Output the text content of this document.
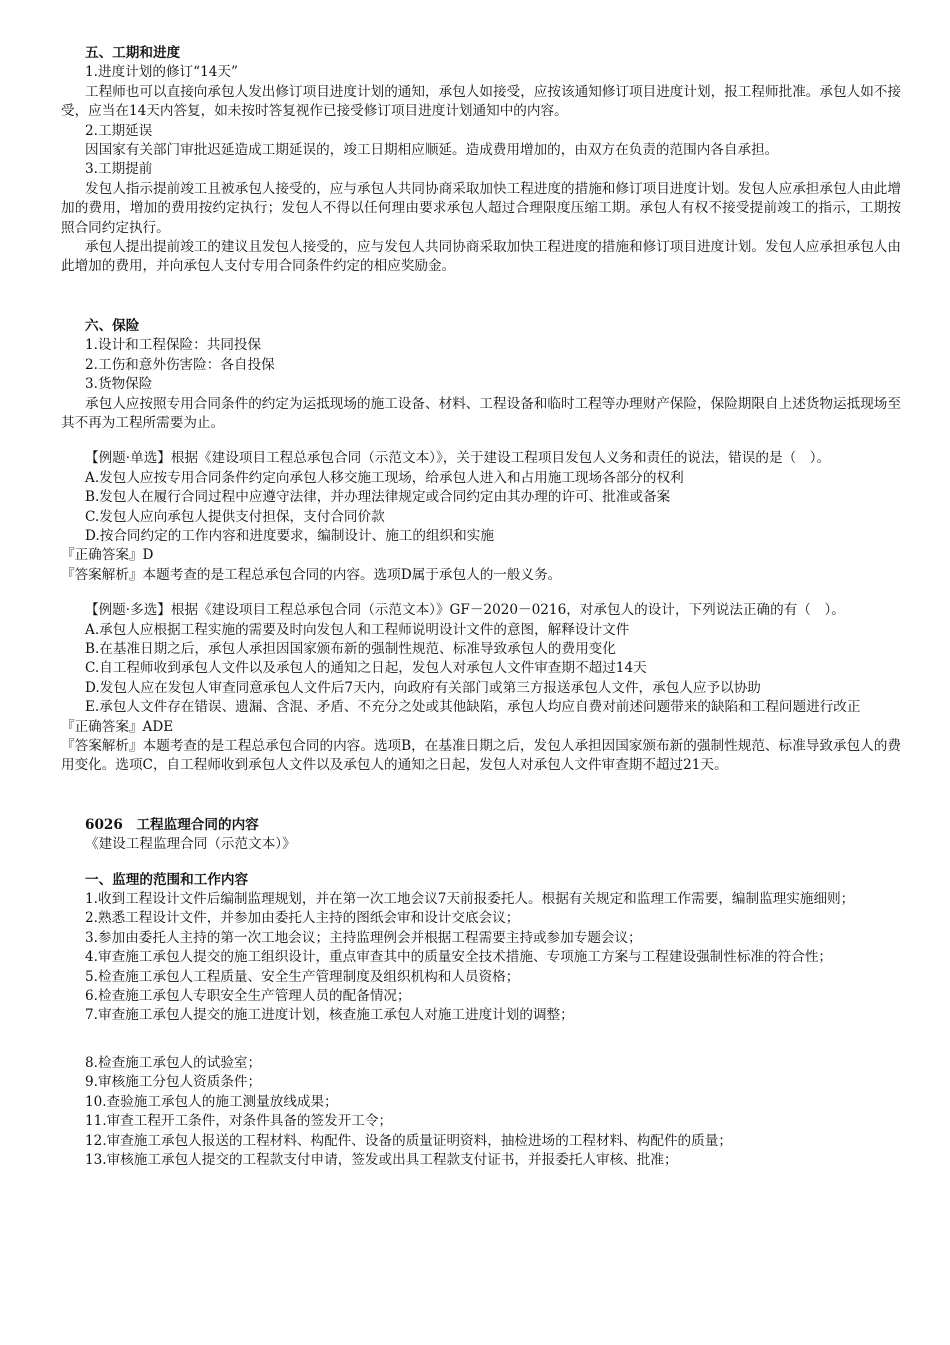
五、工期和进度
1.进度计划的修订“14天”
工程师也可以直接向承包人发出修订项目进度计划的通知，承包人如接受，应按该通知修订项目进度计划，报工程师批准。承包人如不接受，应当在14天内答复，如未按时答复视作已接受修订项目进度计划通知中的内容。
2.工期延误
因国家有关部门审批迟延造成工期延误的，竣工日期相应顺延。造成费用增加的，由双方在负责的范围内各自承担。
3.工期提前
发包人指示提前竣工且被承包人接受的，应与承包人共同协商采取加快工程进度的措施和修订项目进度计划。发包人应承担承包人由此增加的费用，增加的费用按约定执行；发包人不得以任何理由要求承包人超过合理限度压缩工期。承包人有权不接受提前竣工的指示，工期按照合同约定执行。
承包人提出提前竣工的建议且发包人接受的，应与发包人共同协商采取加快工程进度的措施和修订项目进度计划。发包人应承担承包人由此增加的费用，并向承包人支付专用合同条件约定的相应奖励金。
六、保险
1.设计和工程保险：共同投保
2.工伤和意外伤害险：各自投保
3.货物保险
承包人应按照专用合同条件的约定为运抵现场的施工设备、材料、工程设备和临时工程等办理财产保险，保险期限自上述货物运抵现场至其不再为工程所需要为止。
【例题·单选】根据《建设项目工程总承包合同（示范文本）》，关于建设工程项目发包人义务和责任的说法，错误的是（　）。
A.发包人应按专用合同条件约定向承包人移交施工现场，给承包人进入和占用施工现场各部分的权利
B.发包人在履行合同过程中应遵守法律，并办理法律规定或合同约定由其办理的许可、批准或备案
C.发包人应向承包人提供支付担保，支付合同价款
D.按合同约定的工作内容和进度要求，编制设计、施工的组织和实施
『正确答案』D
『答案解析』本题考查的是工程总承包合同的内容。选项D属于承包人的一般义务。
【例题·多选】根据《建设项目工程总承包合同（示范文本）》GF－2020－0216，对承包人的设计，下列说法正确的有（　）。
A.承包人应根据工程实施的需要及时向发包人和工程师说明设计文件的意图，解释设计文件
B.在基准日期之后，承包人承担因国家颁布新的强制性规范、标准导致承包人的费用变化
C.自工程师收到承包人文件以及承包人的通知之日起，发包人对承包人文件审查期不超过14天
D.发包人应在发包人审查同意承包人文件后7天内，向政府有关部门或第三方报送承包人文件，承包人应予以协助
E.承包人文件存在错误、遗漏、含混、矛盾、不充分之处或其他缺陷，承包人均应自费对前述问题带来的缺陷和工程问题进行改正
『正确答案』ADE
『答案解析』本题考查的是工程总承包合同的内容。选项B，在基准日期之后，发包人承担因国家颁布新的强制性规范、标准导致承包人的费用变化。选项C，自工程师收到承包人文件以及承包人的通知之日起，发包人对承包人文件审查期不超过21天。
6026　工程监理合同的内容
《建设工程监理合同（示范文本）》
一、监理的范围和工作内容
1.收到工程设计文件后编制监理规划，并在第一次工地会议7天前报委托人。根据有关规定和监理工作需要，编制监理实施细则；
2.熟悉工程设计文件，并参加由委托人主持的图纸会审和设计交底会议；
3.参加由委托人主持的第一次工地会议；主持监理例会并根据工程需要主持或参加专题会议；
4.审查施工承包人提交的施工组织设计，重点审查其中的质量安全技术措施、专项施工方案与工程建设强制性标准的符合性；
5.检查施工承包人工程质量、安全生产管理制度及组织机构和人员资格；
6.检查施工承包人专职安全生产管理人员的配备情况；
7.审查施工承包人提交的施工进度计划，核查施工承包人对施工进度计划的调整；
8.检查施工承包人的试验室；
9.审核施工分包人资质条件；
10.查验施工承包人的施工测量放线成果；
11.审查工程开工条件，对条件具备的签发开工令；
12.审查施工承包人报送的工程材料、构配件、设备的质量证明资料，抽检进场的工程材料、构配件的质量；
13.审核施工承包人提交的工程款支付申请，签发或出具工程款支付证书，并报委托人审核、批准；
